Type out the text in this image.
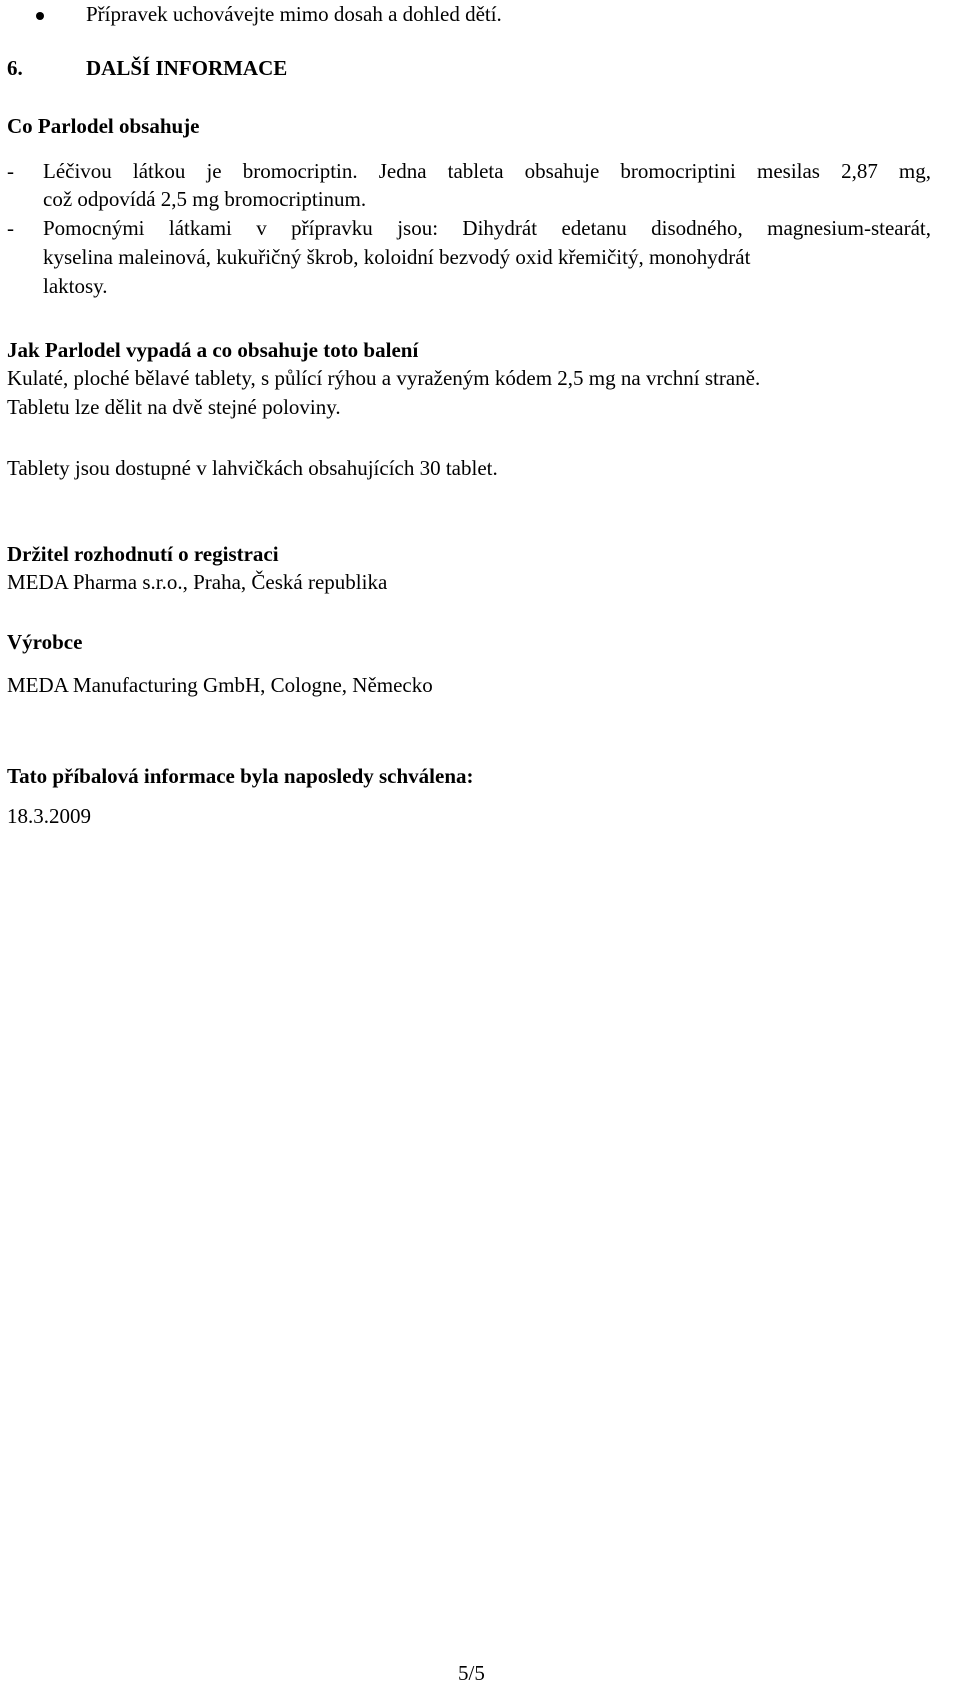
Přípravek uchovávejte mimo dosah a dohled dětí.
6.	DALŠÍ INFORMACE
Co Parlodel obsahuje
- Léčivou látkou je bromocriptin. Jedna tableta obsahuje bromocriptini mesilas 2,87 mg,
což odpovídá 2,5 mg bromocriptinum.
- Pomocnými látkami v přípravku jsou: Dihydrát edetanu disodného, magnesium-stearát,
kyselina maleinová, kukuřičný škrob, koloidní bezvodý oxid křemičitý, monohydrát
laktosy.
Jak Parlodel vypadá a co obsahuje toto balení
Kulaté, ploché bělavé tablety, s půlící rýhou a vyraženým kódem 2,5 mg na vrchní straně.
Tabletu lze dělit na dvě stejné poloviny.
Tablety jsou dostupné v lahvičkách obsahujících 30 tablet.
Držitel rozhodnutí o registraci
MEDA Pharma s.r.o., Praha, Česká republika
Výrobce
MEDA Manufacturing GmbH, Cologne, Německo
Tato příbalová informace byla naposledy schválena:
18.3.2009
5/5
